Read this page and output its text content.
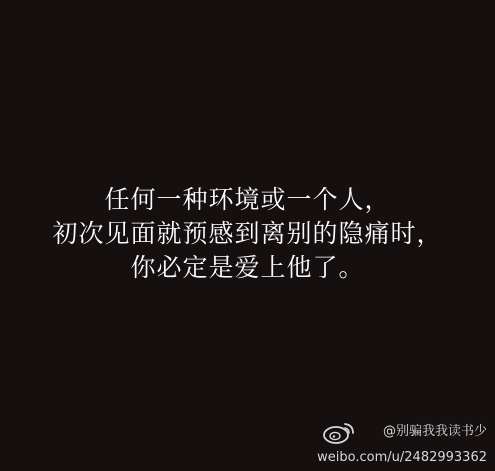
任何一种环境或一个人，
初次见面就预感到离别的隐痛时，
你必定是爱上他了。
@别骗我我读书少
weibo.com/u/2482993362
